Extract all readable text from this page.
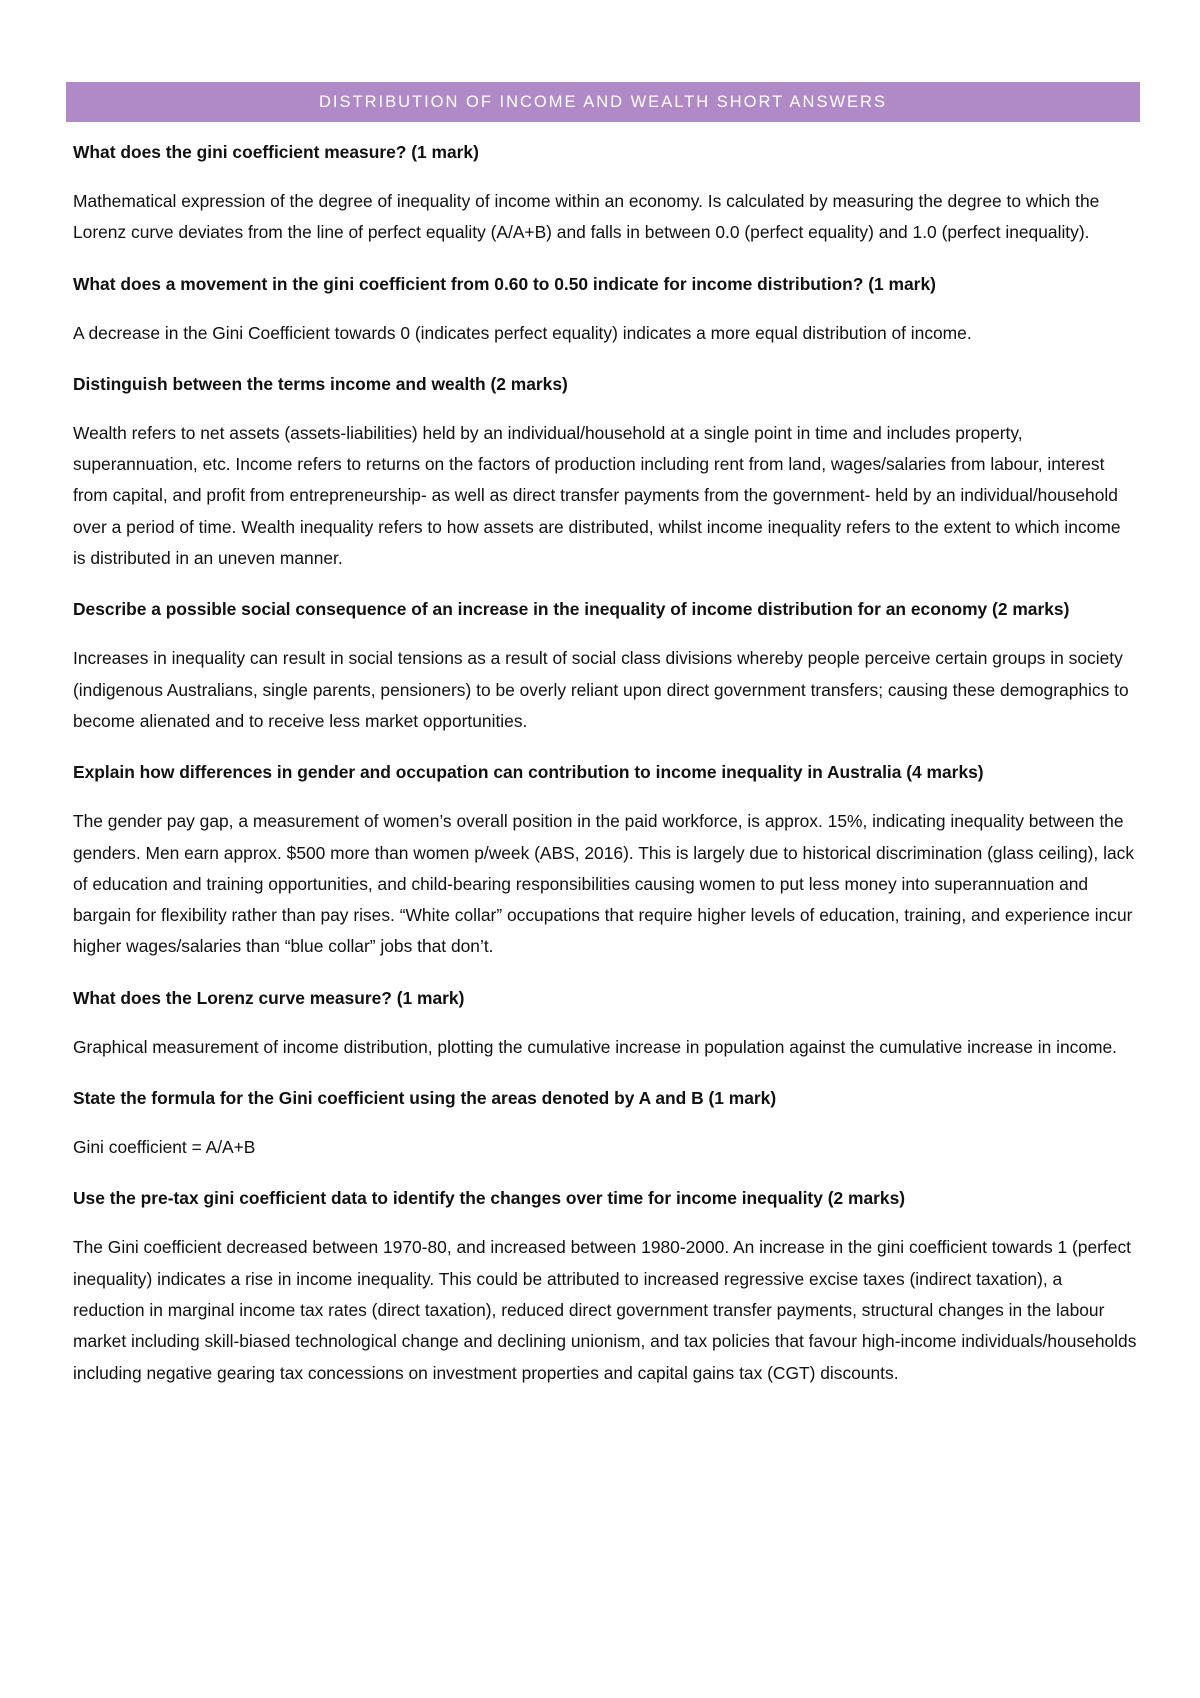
DISTRIBUTION OF INCOME AND WEALTH SHORT ANSWERS

What does the gini coefficient measure? (1 mark)

Mathematical expression of the degree of inequality of income within an economy. Is calculated by measuring the degree to which the Lorenz curve deviates from the line of perfect equality (A/A+B) and falls in between 0.0 (perfect equality) and 1.0 (perfect inequality).

What does a movement in the gini coefficient from 0.60 to 0.50 indicate for income distribution? (1 mark)

A decrease in the Gini Coefficient towards 0 (indicates perfect equality) indicates a more equal distribution of income.

Distinguish between the terms income and wealth (2 marks)

Wealth refers to net assets (assets-liabilities) held by an individual/household at a single point in time and includes property, superannuation, etc. Income refers to returns on the factors of production including rent from land, wages/salaries from labour, interest from capital, and profit from entrepreneurship- as well as direct transfer payments from the government- held by an individual/household over a period of time. Wealth inequality refers to how assets are distributed, whilst income inequality refers to the extent to which income is distributed in an uneven manner.

Describe a possible social consequence of an increase in the inequality of income distribution for an economy (2 marks)

Increases in inequality can result in social tensions as a result of social class divisions whereby people perceive certain groups in society (indigenous Australians, single parents, pensioners) to be overly reliant upon direct government transfers; causing these demographics to become alienated and to receive less market opportunities.

Explain how differences in gender and occupation can contribution to income inequality in Australia (4 marks)

The gender pay gap, a measurement of women’s overall position in the paid workforce, is approx. 15%, indicating inequality between the genders. Men earn approx. $500 more than women p/week (ABS, 2016). This is largely due to historical discrimination (glass ceiling), lack of education and training opportunities, and child-bearing responsibilities causing women to put less money into superannuation and bargain for flexibility rather than pay rises. “White collar” occupations that require higher levels of education, training, and experience incur higher wages/salaries than “blue collar” jobs that don’t.

What does the Lorenz curve measure? (1 mark)

Graphical measurement of income distribution, plotting the cumulative increase in population against the cumulative increase in income.

State the formula for the Gini coefficient using the areas denoted by A and B (1 mark)

Gini coefficient = A/A+B

Use the pre-tax gini coefficient data to identify the changes over time for income inequality (2 marks)

The Gini coefficient decreased between 1970-80, and increased between 1980-2000. An increase in the gini coefficient towards 1 (perfect inequality) indicates a rise in income inequality. This could be attributed to increased regressive excise taxes (indirect taxation), a reduction in marginal income tax rates (direct taxation), reduced direct government transfer payments, structural changes in the labour market including skill-biased technological change and declining unionism, and tax policies that favour high-income individuals/households including negative gearing tax concessions on investment properties and capital gains tax (CGT) discounts.
